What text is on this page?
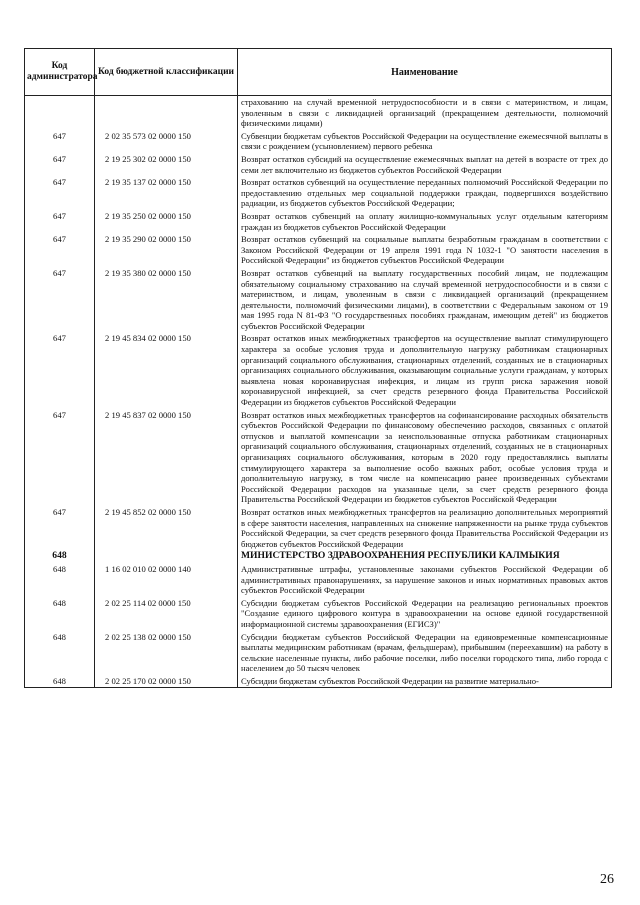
Код администратора	Код бюджетной классификации	Наименование
		страхованию на случай временной нетрудоспособности и в связи с материнством, и лицам, уволенным в связи с ликвидацией организаций (прекращением деятельности, полномочий физическими лицами)
647	2 02 35 573 02 0000 150	Субвенции бюджетам субъектов Российской Федерации на осуществление ежемесячной выплаты в связи с рождением (усыновлением) первого ребенка
647	2 19 25 302 02 0000 150	Возврат остатков субсидий на осуществление ежемесячных выплат на детей в возрасте от трех до семи лет включительно из бюджетов субъектов Российской Федерации
647	2 19 35 137 02 0000 150	Возврат остатков субвенций на осуществление переданных полномочий Российской Федерации по предоставлению отдельных мер социальной поддержки граждан, подвергшихся воздействию радиации, из бюджетов субъектов Российской Федерации;
647	2 19 35 250 02 0000 150	Возврат остатков субвенций на оплату жилищно-коммунальных услуг отдельным категориям граждан из бюджетов субъектов Российской Федерации
647	2 19 35 290 02 0000 150	Возврат остатков субвенций на социальные выплаты безработным гражданам в соответствии с Законом Российской Федерации от 19 апреля 1991 года N 1032-1 "О занятости населения в Российской Федерации" из бюджетов субъектов Российской Федерации
647	2 19 35 380 02 0000 150	Возврат остатков субвенций на выплату государственных пособий лицам, не подлежащим обязательному социальному страхованию на случай временной нетрудоспособности и в связи с материнством, и лицам, уволенным в связи с ликвидацией организаций (прекращением деятельности, полномочий физическими лицами), в соответствии с Федеральным законом от 19 мая 1995 года N 81-ФЗ "О государственных пособиях гражданам, имеющим детей" из бюджетов субъектов Российской Федерации
647	2 19 45 834 02 0000 150	Возврат остатков иных межбюджетных трансфертов на осуществление выплат стимулирующего характера за особые условия труда и дополнительную нагрузку работникам стационарных организаций социального обслуживания, стационарных отделений, созданных не в стационарных организациях социального обслуживания, оказывающим социальные услуги гражданам, у которых выявлена новая коронавирусная инфекция, и лицам из групп риска заражения новой коронавирусной инфекцией, за счет средств резервного фонда Правительства Российской Федерации из бюджетов субъектов Российской Федерации
647	2 19 45 837 02 0000 150	Возврат остатков иных межбюджетных трансфертов на софинансирование расходных обязательств субъектов Российской Федерации по финансовому обеспечению расходов, связанных с оплатой отпусков и выплатой компенсации за неиспользованные отпуска работникам стационарных организаций социального обслуживания, стационарных отделений, созданных не в стационарных организациях социального обслуживания, которым в 2020 году предоставлялись выплаты стимулирующего характера за выполнение особо важных работ, особые условия труда и дополнительную нагрузку, в том числе на компенсацию ранее произведенных субъектами Российской Федерации расходов на указанные цели, за счет средств резервного фонда Правительства Российской Федерации из бюджетов субъектов Российской Федерации
647	2 19 45 852 02 0000 150	Возврат остатков иных межбюджетных трансфертов на реализацию дополнительных мероприятий в сфере занятости населения, направленных на снижение напряженности на рынке труда субъектов Российской Федерации, за счет средств резервного фонда Правительства Российской Федерации из бюджетов субъектов Российской Федерации
648		МИНИСТЕРСТВО ЗДРАВООХРАНЕНИЯ РЕСПУБЛИКИ КАЛМЫКИЯ
648	1 16 02 010 02 0000 140	Административные штрафы, установленные законами субъектов Российской Федерации об административных правонарушениях, за нарушение законов и иных нормативных правовых актов субъектов Российской Федерации
648	2 02 25 114 02 0000 150	Субсидии бюджетам субъектов Российской Федерации на реализацию региональных проектов "Создание единого цифрового контура в здравоохранении на основе единой государственной информационной системы здравоохранения (ЕГИСЗ)"
648	2 02 25 138 02 0000 150	Субсидии бюджетам субъектов Российской Федерации на единовременные компенсационные выплаты медицинским работникам (врачам, фельдшерам), прибывшим (переехавшим) на работу в сельские населенные пункты, либо рабочие поселки, либо поселки городского типа, либо города с населением до 50 тысяч человек
648	2 02 25 170 02 0000 150	Субсидии бюджетам субъектов Российской Федерации на развитие материально-
26
